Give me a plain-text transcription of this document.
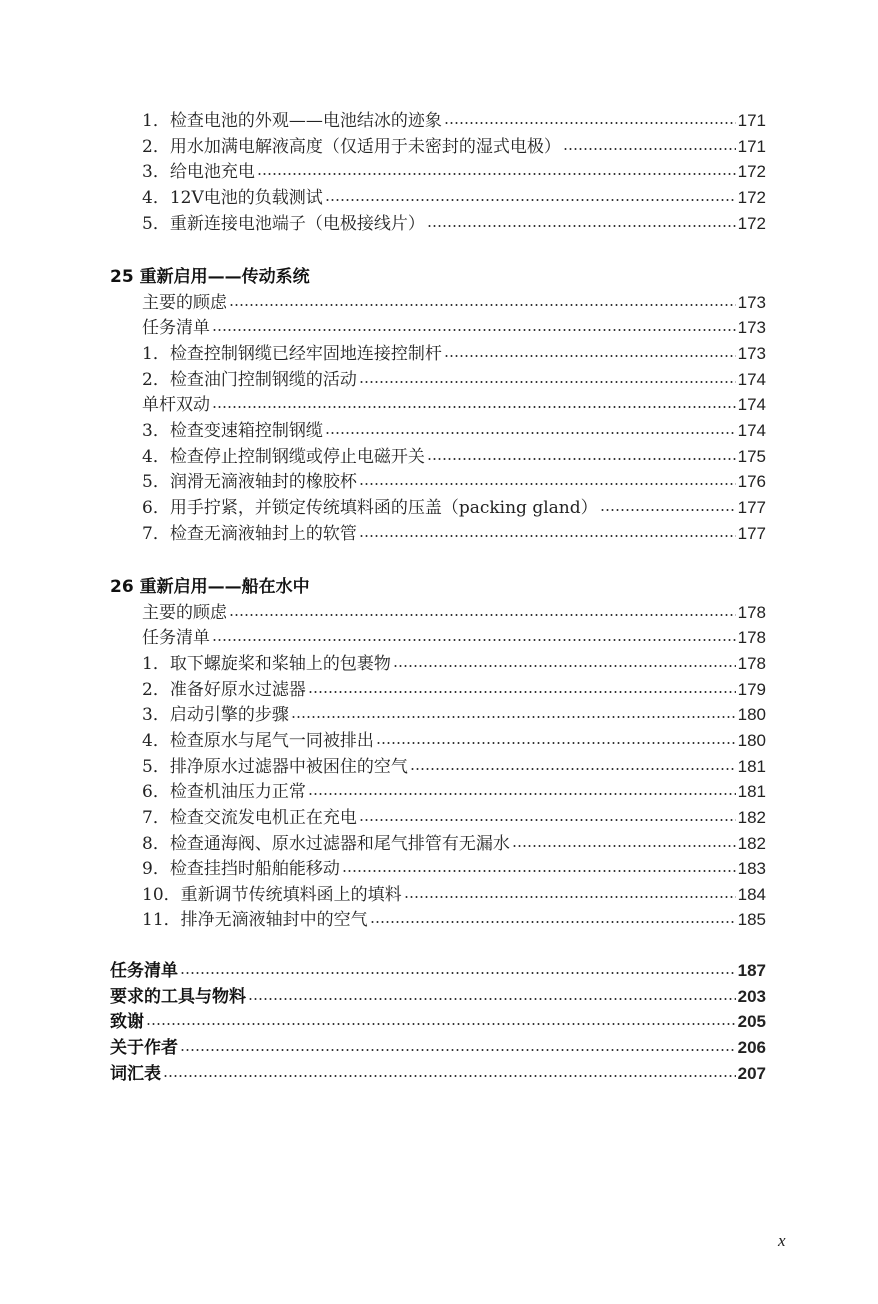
1．检查电池的外观——电池结冰的迹象	171
2．用水加满电解液高度（仅适用于未密封的湿式电极）	171
3．给电池充电	172
4．12V电池的负载测试	172
5．重新连接电池端子（电极接线片）	172
25 重新启用——传动系统
主要的顾虑	173
任务清单	173
1．检查控制钢缆已经牢固地连接控制杆	173
2．检查油门控制钢缆的活动	174
单杆双动	174
3．检查变速箱控制钢缆	174
4．检查停止控制钢缆或停止电磁开关	175
5．润滑无滴液轴封的橡胶杯	176
6．用手拧紧，并锁定传统填料函的压盖（packing gland）	177
7．检查无滴液轴封上的软管	177
26 重新启用——船在水中
主要的顾虑	178
任务清单	178
1．取下螺旋桨和桨轴上的包裹物	178
2．准备好原水过滤器	179
3．启动引擎的步骤	180
4．检查原水与尾气一同被排出	180
5．排净原水过滤器中被困住的空气	181
6．检查机油压力正常	181
7．检查交流发电机正在充电	182
8．检查通海阀、原水过滤器和尾气排管有无漏水	182
9．检查挂挡时船舶能移动	183
10．重新调节传统填料函上的填料	184
11．排净无滴液轴封中的空气	185
任务清单	187
要求的工具与物料	203
致谢	205
关于作者	206
词汇表	207
x
